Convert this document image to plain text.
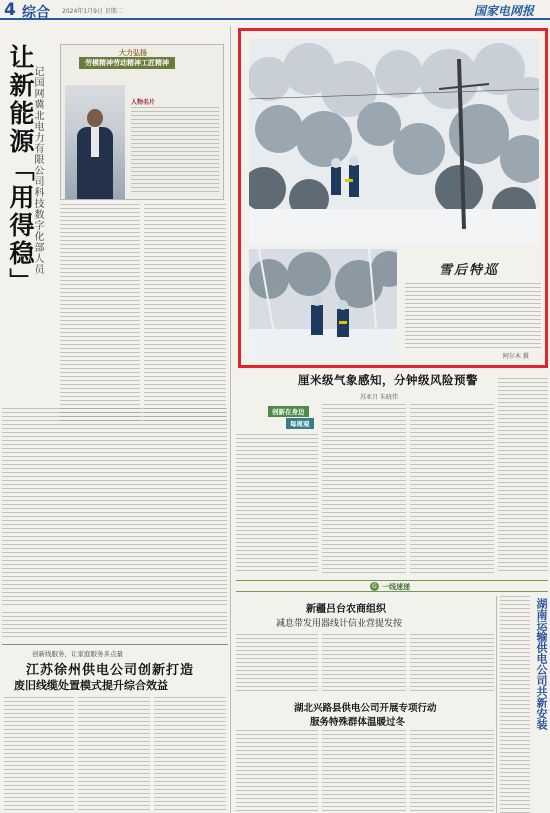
4 综合 2024年1月9日 星期二	国家电网报
让新能源「用得稳」
记国网冀北电力有限公司科技数字化部人员
大力弘扬
劳模精神劳动精神工匠精神
人物名片
创新线服务，让家庭服务多点量
江苏徐州供电公司创新打造
废旧线缆处置模式提升综合效益
雪后特巡
阿尔木 摄
厘米级气象感知，分钟级风险预警
苏亚月 朱晓伟
创新在身边
每周观
G 一线速递
新疆吕台农商组织
减息带发用器线计信业营提发按
湖北兴路县供电公司开展专项行动
服务特殊群体温暖过冬	湖南运输供电公司共新安装
